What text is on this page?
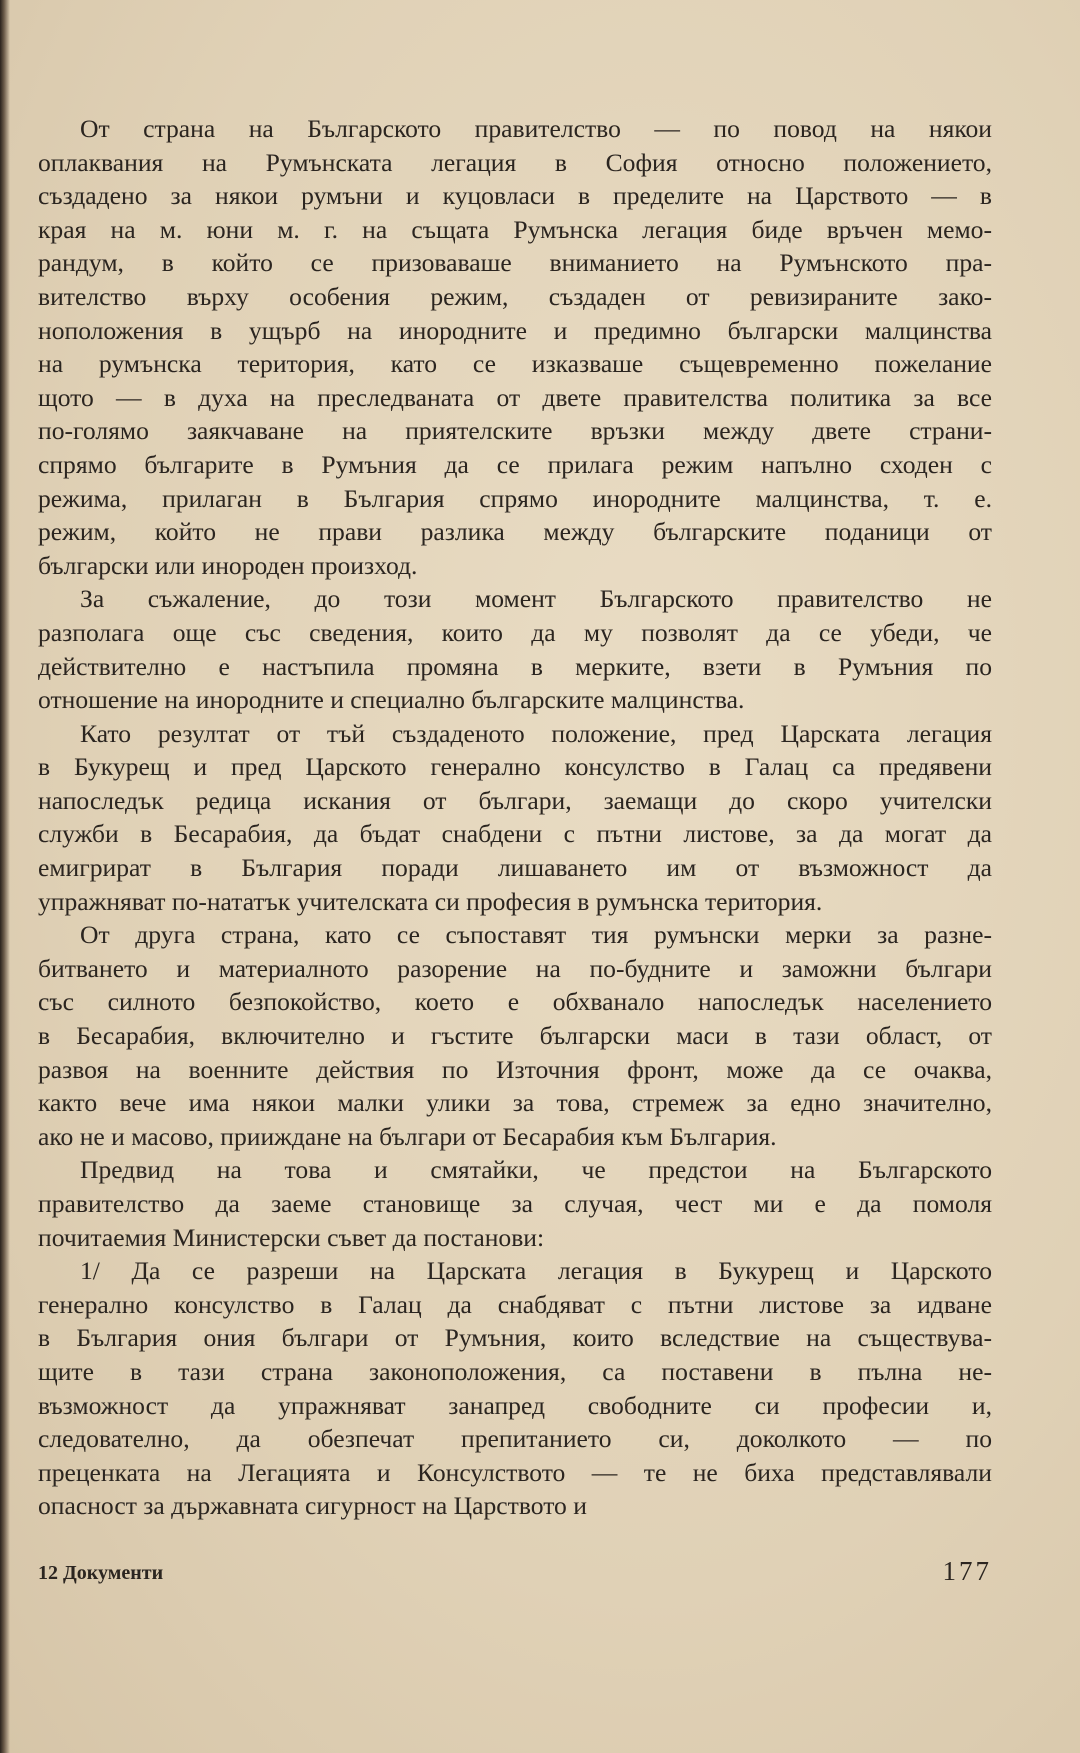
От страна на Българското правителство — по повод на някои
оплаквания на Румънската легация в София относно положението,
създадено за някои румъни и куцовласи в пределите на Царството — в
края на м. юни м. г. на същата Румънска легация биде връчен мемо-
рандум, в който се призоваваше вниманието на Румънското пра-
вителство върху особения режим, създаден от ревизираните зако-
ноположения в ущърб на инородните и предимно български малцинства
на румънска територия, като се изказваше същевременно пожелание
щото — в духа на преследваната от двете правителства политика за все
по-голямо заякчаване на приятелските връзки между двете страни-
спрямо българите в Румъния да се прилага режим напълно сходен с
режима, прилаган в България спрямо инородните малцинства, т. е.
режим, който не прави разлика между българските поданици от
български или инороден произход.
За съжаление, до този момент Българското правителство не
разполага още със сведения, които да му позволят да се убеди, че
действително е настъпила промяна в мерките, взети в Румъния по
отношение на инородните и специално българските малцинства.
Като резултат от тъй създаденото положение, пред Царската легация
в Букурещ и пред Царското генерално консулство в Галац са предявени
напоследък редица искания от българи, заемащи до скоро учителски
служби в Бесарабия, да бъдат снабдени с пътни листове, за да могат да
емигрират в България поради лишаването им от възможност да
упражняват по-нататък учителската си професия в румънска територия.
От друга страна, като се съпоставят тия румънски мерки за разне-
битването и материалното разорение на по-будните и заможни българи
със силното безпокойство, което е обхванало напоследък населението
в Бесарабия, включително и гъстите български маси в тази област, от
развоя на военните действия по Източния фронт, може да се очаква,
както вече има някои малки улики за това, стремеж за едно значително,
ако не и масово, прииждане на българи от Бесарабия към България.
Предвид на това и смятайки, че предстои на Българското
правителство да заеме становище за случая, чест ми е да помоля
почитаемия Министерски съвет да постанови:
1/ Да се разреши на Царската легация в Букурещ и Царското
генерално консулство в Галац да снабдяват с пътни листове за идване
в България ония българи от Румъния, които вследствие на съществува-
щите в тази страна законоположения, са поставени в пълна не-
възможност да упражняват занапред свободните си професии и,
следователно, да обезпечат препитанието си, доколкото — по
преценката на Легацията и Консулството — те не биха представлявали
опасност за държавната сигурност на Царството и
12 Документи	177
